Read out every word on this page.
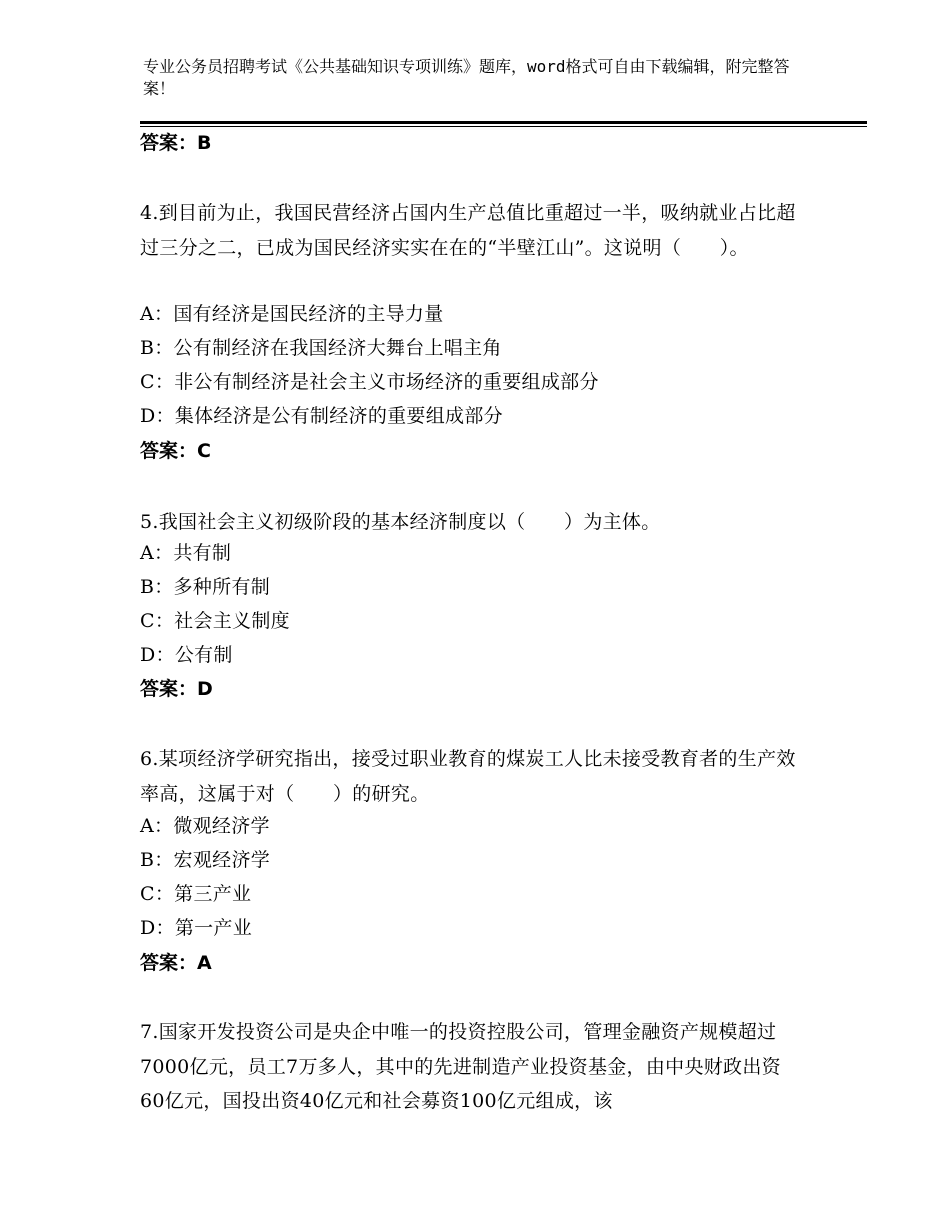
专业公务员招聘考试《公共基础知识专项训练》题库，word格式可自由下载编辑，附完整答案！
答案：B
4.到目前为止，我国民营经济占国内生产总值比重超过一半，吸纳就业占比超过三分之二，已成为国民经济实实在在的“半壁江山”。这说明（　　）。
A：国有经济是国民经济的主导力量
B：公有制经济在我国经济大舞台上唱主角
C：非公有制经济是社会主义市场经济的重要组成部分
D：集体经济是公有制经济的重要组成部分
答案：C
5.我国社会主义初级阶段的基本经济制度以（　　）为主体。
A：共有制
B：多种所有制
C：社会主义制度
D：公有制
答案：D
6.某项经济学研究指出，接受过职业教育的煤炭工人比未接受教育者的生产效率高，这属于对（　　）的研究。
A：微观经济学
B：宏观经济学
C：第三产业
D：第一产业
答案：A
7.国家开发投资公司是央企中唯一的投资控股公司，管理金融资产规模超过7000亿元，员工7万多人，其中的先进制造产业投资基金，由中央财政出资60亿元，国投出资40亿元和社会募资100亿元组成，该
